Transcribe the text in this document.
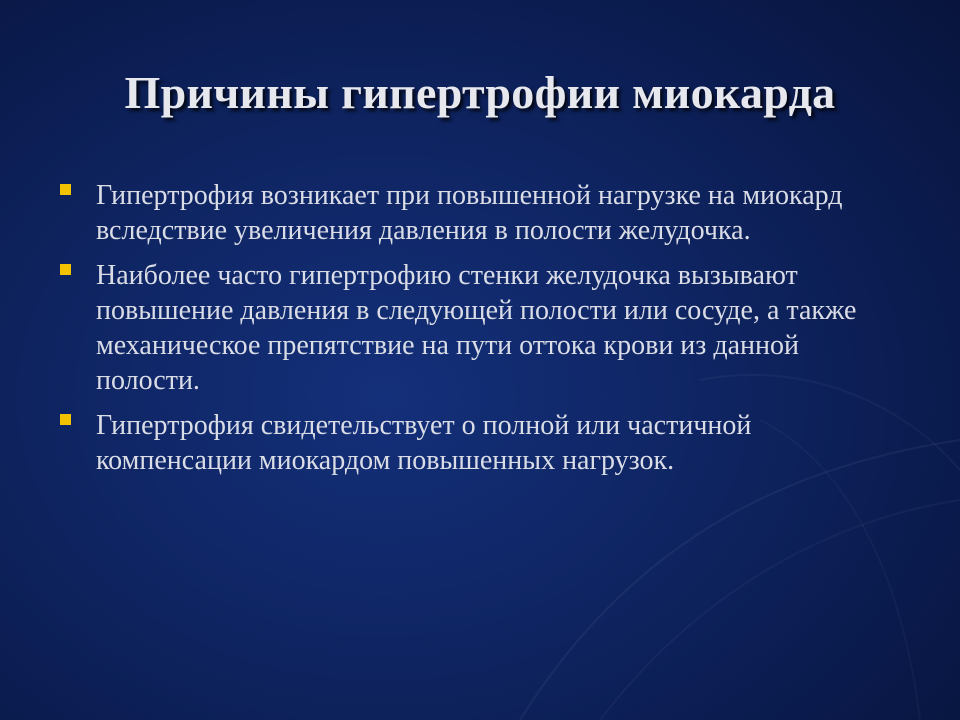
Причины гипертрофии миокарда
Гипертрофия возникает при повышенной нагрузке на миокард вследствие увеличения давления в полости желудочка.
Наиболее часто гипертрофию стенки желудочка вызывают повышение давления в следующей полости или сосуде, а также механическое препятствие на пути оттока крови из данной полости.
Гипертрофия свидетельствует о полной или частичной компенсации миокардом повышенных нагрузок.
